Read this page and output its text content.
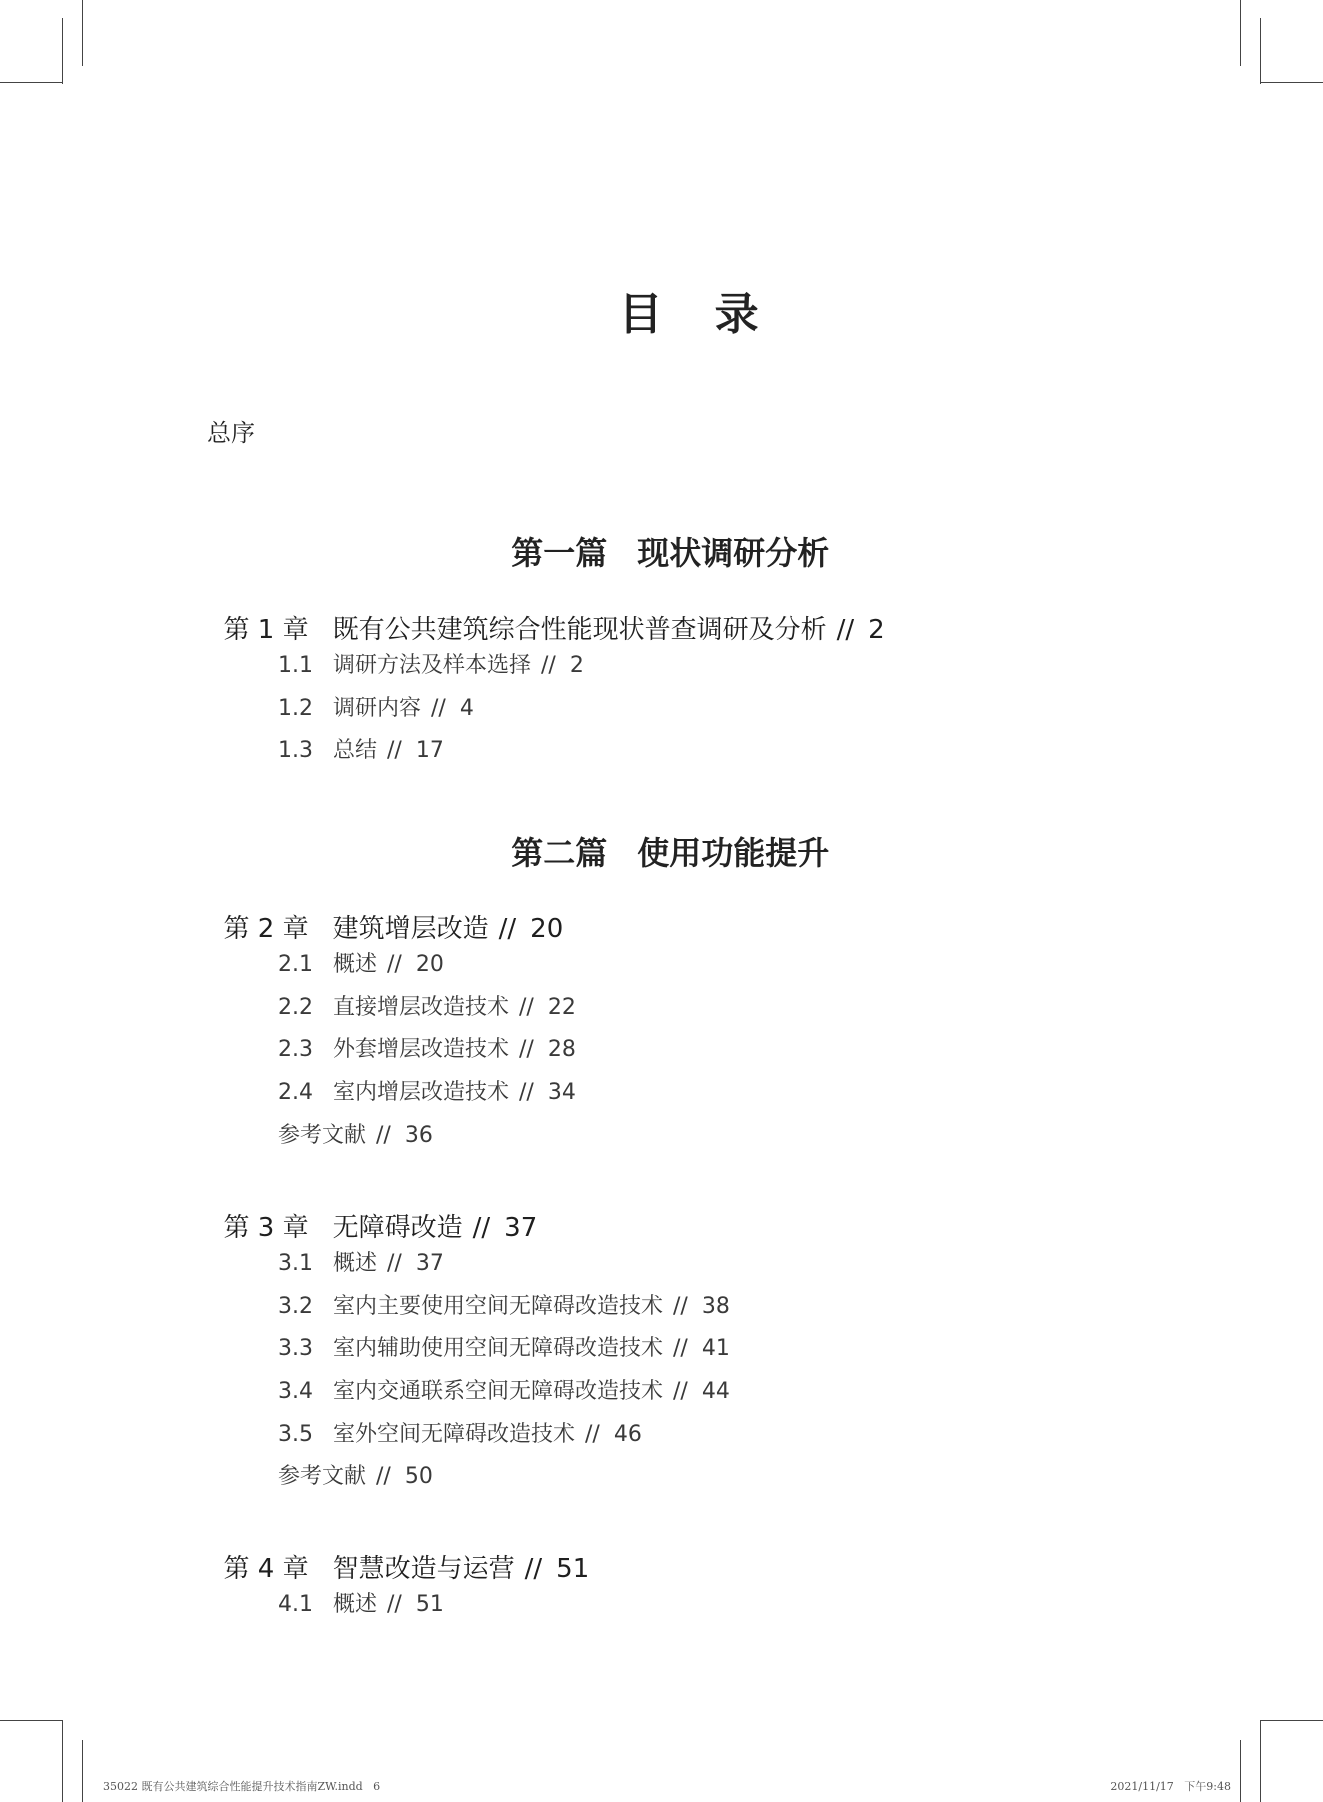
目 录

总序

第一篇 现状调研分析

第 1 章 既有公共建筑综合性能现状普查调研及分析 // 2

1.1 调研方法及样本选择 // 2

1.2 调研内容 // 4

1.3 总结 // 17

第二篇 使用功能提升

第 2 章 建筑增层改造 // 20

2.1 概述 // 20

2.2 直接增层改造技术 // 22

2.3 外套增层改造技术 // 28

2.4 室内增层改造技术 // 34

参考文献 // 36

第 3 章 无障碍改造 // 37

3.1 概述 // 37

3.2 室内主要使用空间无障碍改造技术 // 38

3.3 室内辅助使用空间无障碍改造技术 // 41

3.4 室内交通联系空间无障碍改造技术 // 44

3.5 室外空间无障碍改造技术 // 46

参考文献 // 50

第 4 章 智慧改造与运营 // 51

4.1 概述 // 51

35022 既有公共建筑综合性能提升技术指南ZW.indd   6	2021/11/17   下午9:48
